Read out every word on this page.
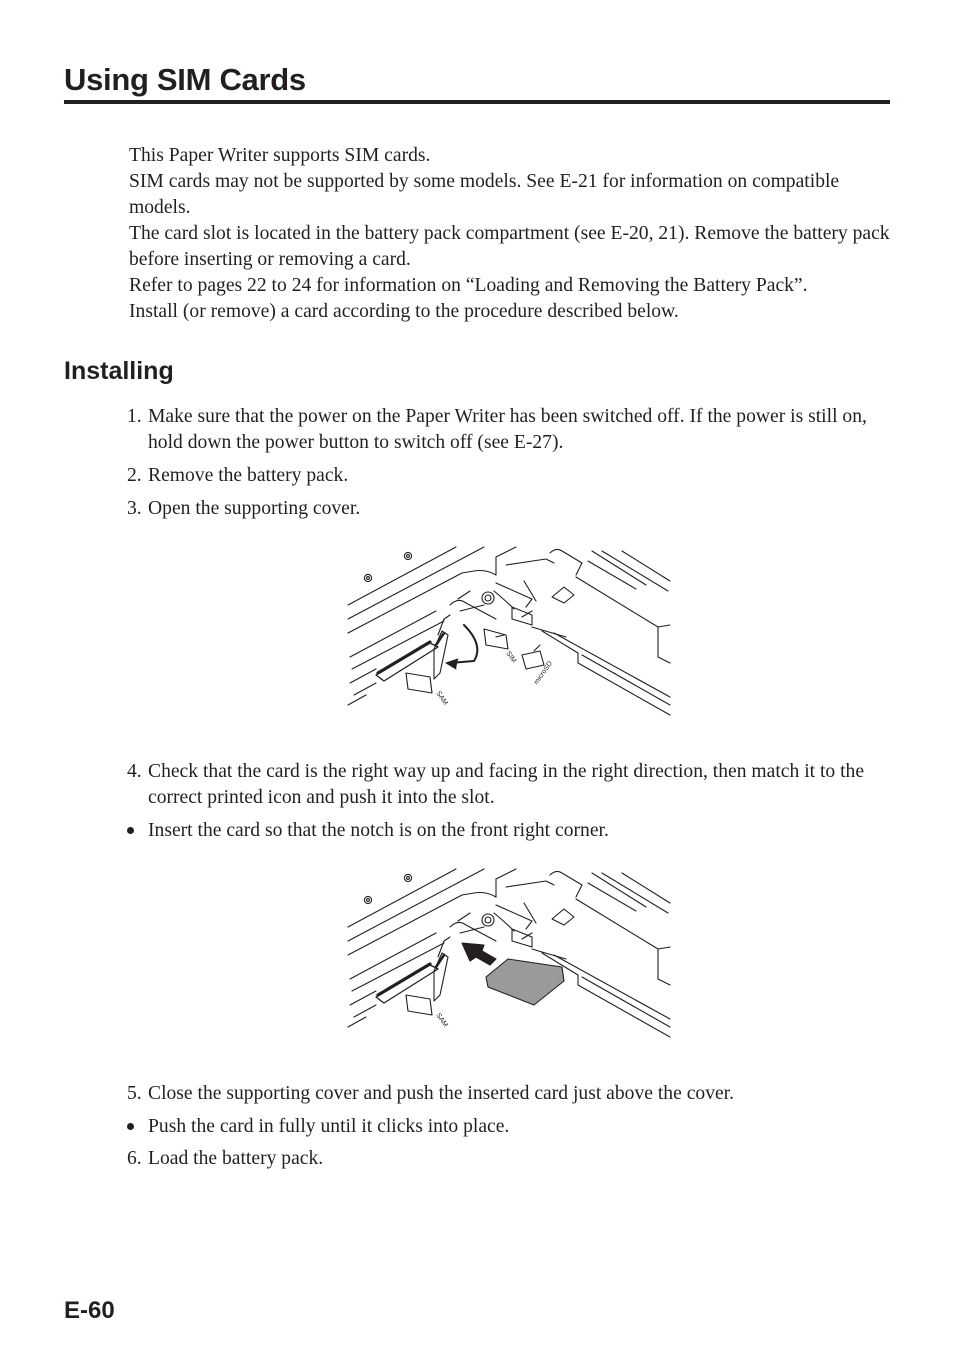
Using SIM Cards

This Paper Writer supports SIM cards.

SIM cards may not be supported by some models. See E-21 for information on compatible models.

The card slot is located in the battery pack compartment (see E-20, 21). Remove the battery pack before inserting or removing a card.

Refer to pages 22 to 24 for information on “Loading and Removing the Battery Pack”.

Install (or remove) a card according to the procedure described below.

Installing
1. Make sure that the power on the Paper Writer has been switched off. If the power is still on, hold down the power button to switch off (see E-27).
2. Remove the battery pack.
3. Open the supporting cover.
SIM
microSD
SAM
4. Check that the card is the right way up and facing in the right direction, then match it to the correct printed icon and push it into the slot.
Insert the card so that the notch is on the front right corner.
SAM
5. Close the supporting cover and push the inserted card just above the cover.
Push the card in fully until it clicks into place.
6. Load the battery pack.
E-60
